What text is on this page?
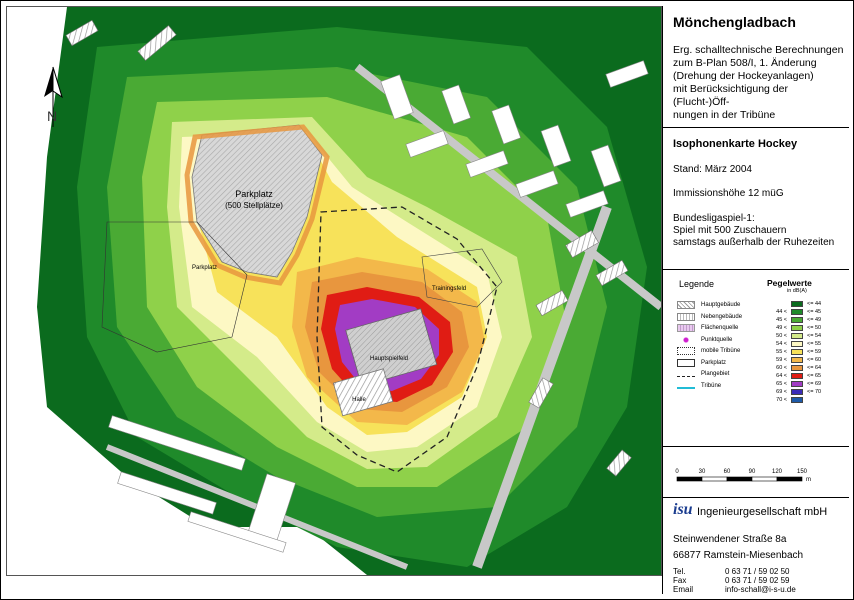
N
Parkplatz
(500 Stellplätze)
Parkplatz
Trainingsfeld
Hauptspielfeld
Halle
Mönchengladbach
Erg. schalltechnische Berechnungen
zum B-Plan 508/I, 1. Änderung
(Drehung der Hockeyanlagen)
mit Berücksichtigung der (Flucht-)Öff-
nungen in der Tribüne
Isophonenkarte Hockey
Stand: März 2004
Immissionshöhe 12 müG
Bundesligaspiel-1:
Spiel mit 500 Zuschauern
samstags außerhalb der Ruhezeiten
Legende
Hauptgebäude
Nebengebäude
Flächenquelle
Punktquelle
mobile Tribüne
Parkplatz
Plangebiet
Tribüne
Pegelwerte
in dB(A)
<= 44
44 <	<= 45
45 <	<= 49
49 <	<= 50
50 <	<= 54
54 <	<= 55
55 <	<= 59
59 <	<= 60
60 <	<= 64
64 <	<= 65
65 <	<= 69
69 <	<= 70
70 <
0	30	60	90	120 150
m
isu Ingenieurgesellschaft mbH
Steinwendener Straße 8a
66877 Ramstein-Miesenbach
Tel.	0 63 71 / 59 02 50
Fax	0 63 71 / 59 02 59
Email	info-schall@i-s-u.de
